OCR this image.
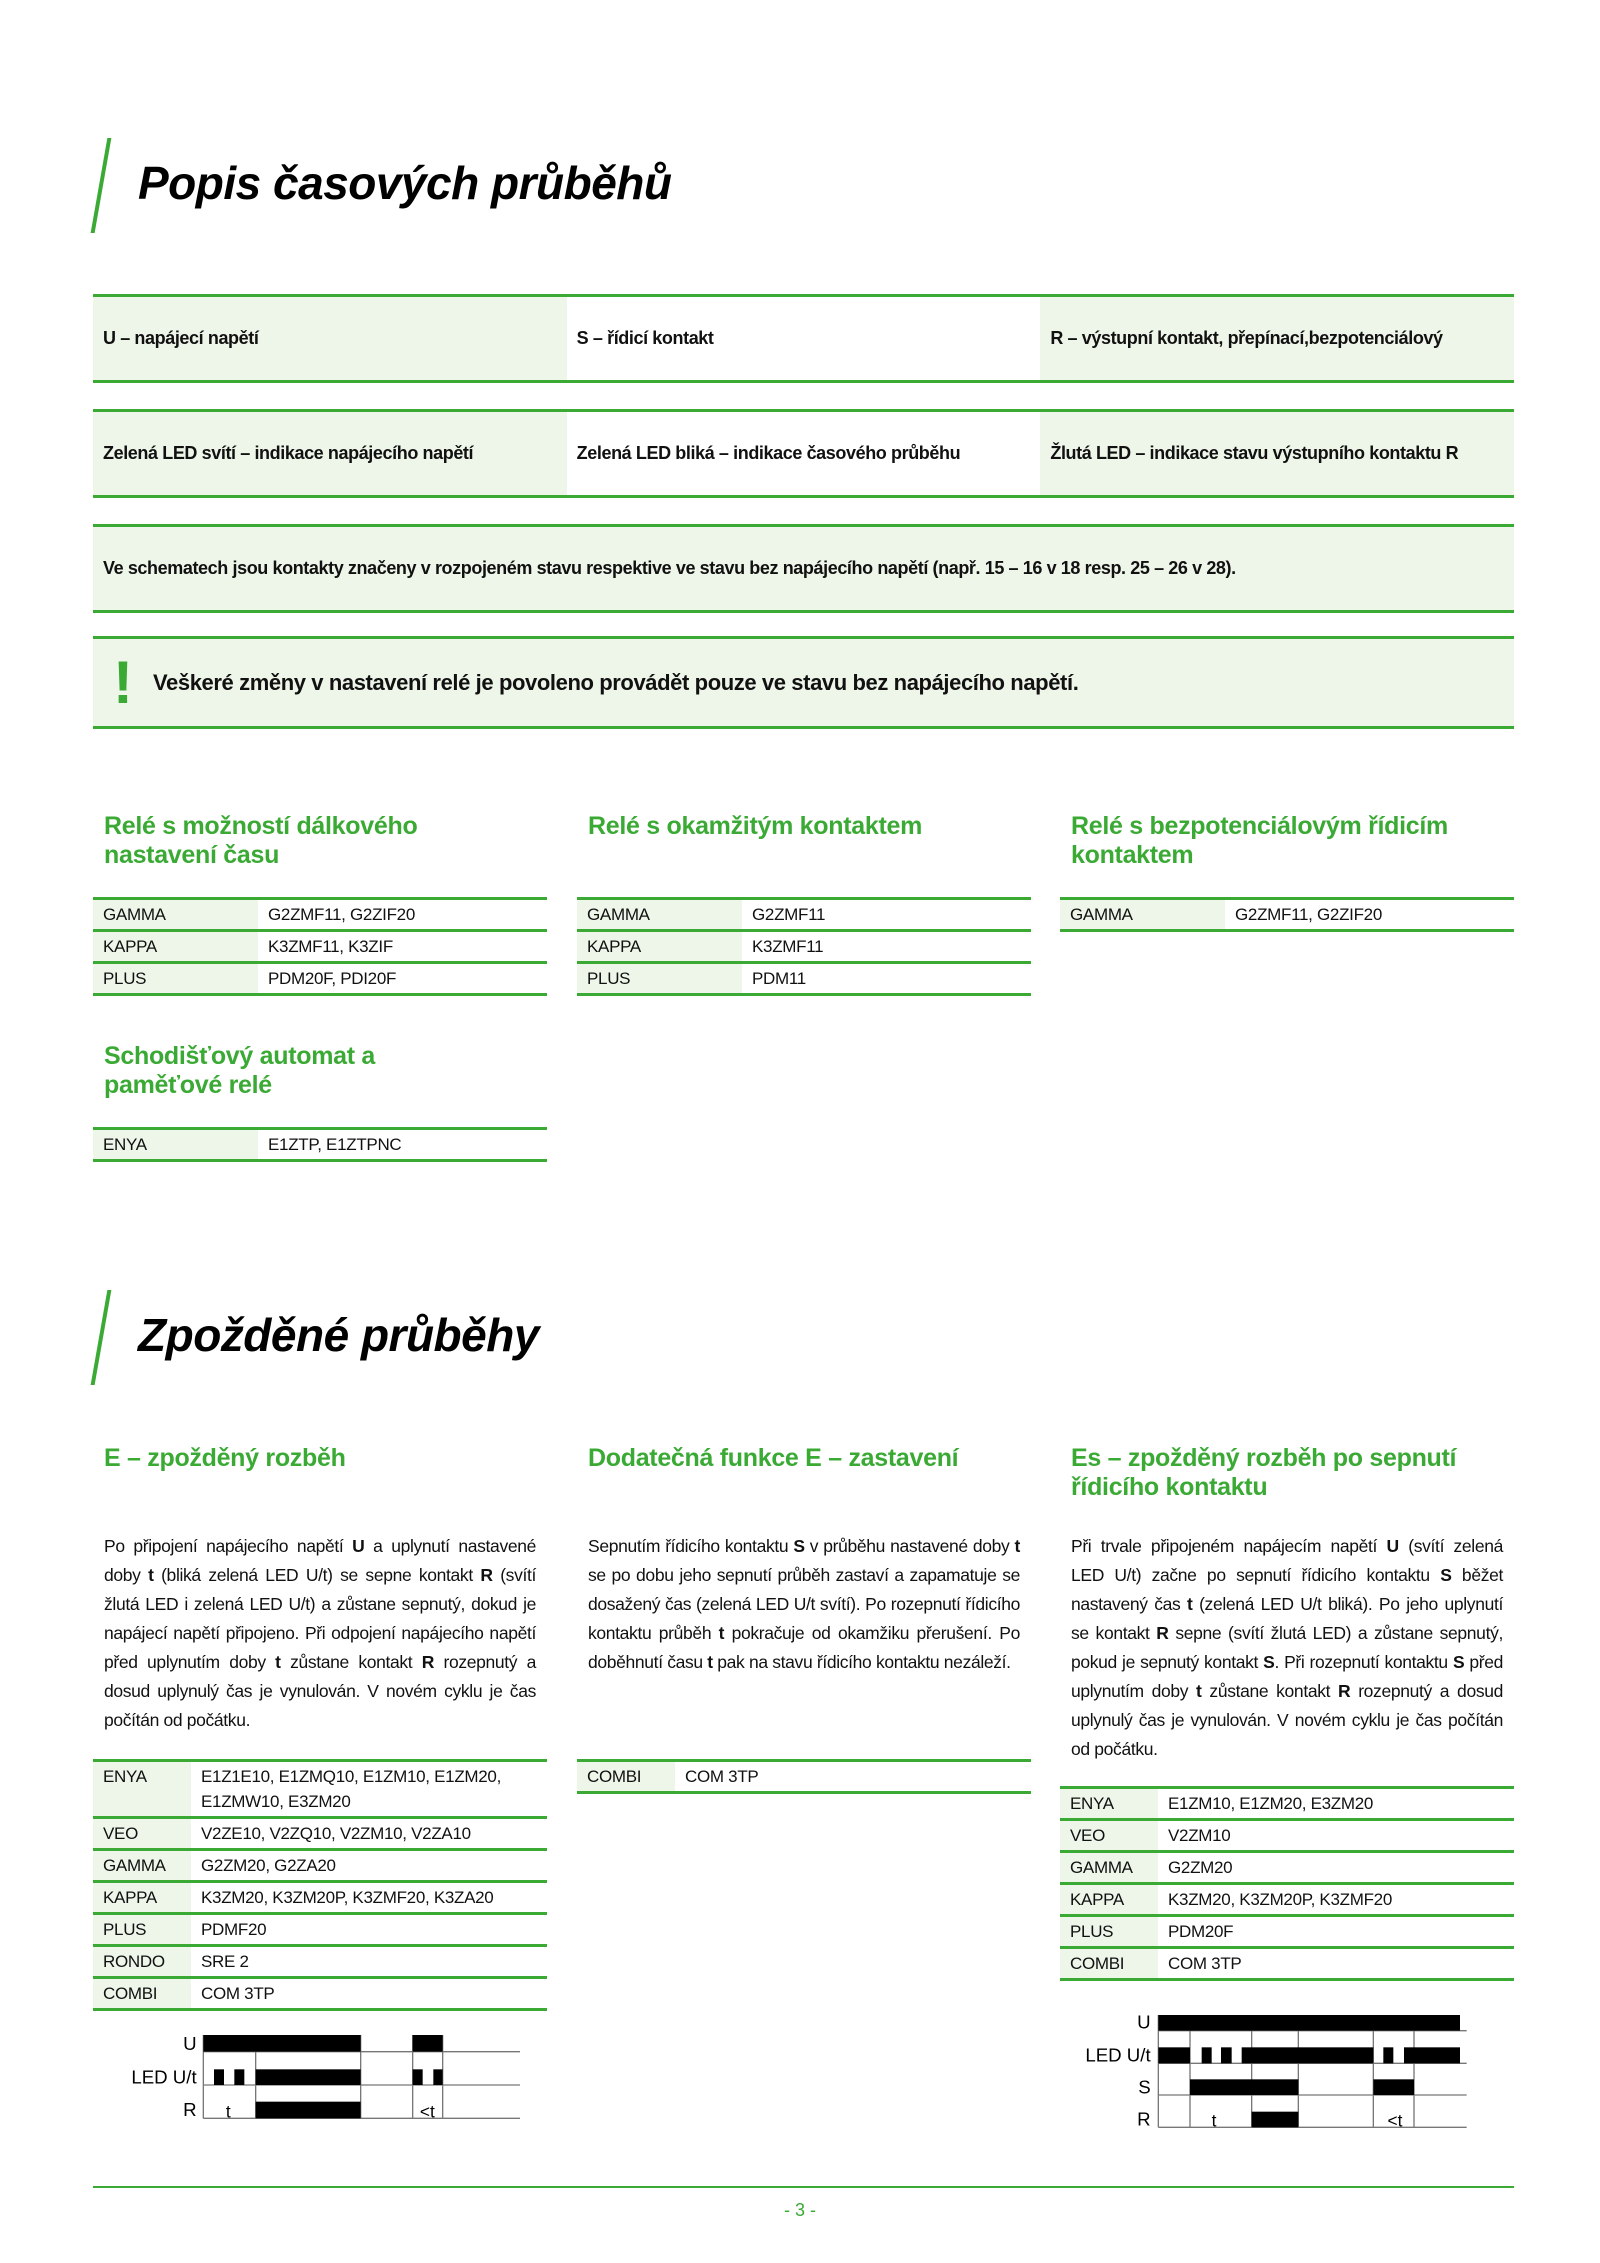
Popis časových průběhů
U – napájecí napětí	S – řídicí kontakt	R – výstupní kontakt, přepínací,bezpotenciálový
Zelená LED svítí – indikace napájecího napětí	Zelená LED bliká – indikace časového průběhu	Žlutá LED – indikace stavu výstupního kontaktu R
Ve schematech jsou kontakty značeny v rozpojeném stavu respektive ve stavu bez napájecího napětí (např. 15 – 16 v 18 resp. 25 – 26 v 28).
! Veškeré změny v nastavení relé je povoleno provádět pouze ve stavu bez napájecího napětí.
Relé s možností dálkového nastavení času
Relé s okamžitým kontaktem	Relé s bezpotenciálovým řídicím kontaktem
Schodišťový automat a paměťové relé
GAMMA	G2ZMF11, G2ZIF20
KAPPA	K3ZMF11, K3ZIF
PLUS	PDM20F, PDI20F
GAMMA	G2ZMF11
KAPPA	K3ZMF11
PLUS	PDM11
GAMMA	G2ZMF11, G2ZIF20
ENYA	E1ZTP, E1ZTPNC
Zpožděné průběhy
E – zpožděný rozběh	Dodatečná funkce E – zastavení	Es – zpožděný rozběh po sepnutí řídicího kontaktu
Po připojení napájecího napětí U a uplynutí nastavené doby t (bliká zelená LED U/t) se sepne kontakt R (svítí žlutá LED i zelená LED U/t) a zůstane sepnutý, dokud je napájecí napětí připojeno. Při odpojení napájecího napětí před uplynutím doby t zůstane kontakt R rozepnutý a dosud uplynulý čas je vynulován. V novém cyklu je čas počítán od počátku.
Sepnutím řídicího kontaktu S v průběhu nastavené doby t se po dobu jeho sepnutí průběh zastaví a zapamatuje se dosažený čas (zelená LED U/t svítí). Po rozepnutí řídicího kontaktu průběh t pokračuje od okamžiku přerušení. Po doběhnutí času t pak na stavu řídicího kontaktu nezáleží.
Při trvale připojeném napájecím napětí U (svítí zelená LED U/t) začne po sepnutí řídicího kontaktu S běžet nastavený čas t (zelená LED U/t bliká). Po jeho uplynutí se kontakt R sepne (svítí žlutá LED) a zůstane sepnutý, pokud je sepnutý kontakt S. Při rozepnutí kontaktu S před uplynutím doby t zůstane kontakt R rozepnutý a dosud uplynulý čas je vynulován. V novém cyklu je čas počítán od počátku.
ENYA	E1Z1E10, E1ZMQ10, E1ZM10, E1ZM20, E1ZMW10, E3ZM20
VEO	V2ZE10, V2ZQ10, V2ZM10, V2ZA10
GAMMA	G2ZM20, G2ZA20
KAPPA	K3ZM20, K3ZM20P, K3ZMF20, K3ZA20
PLUS	PDMF20
RONDO	SRE 2
COMBI	COM 3TP
COMBI	COM 3TP
ENYA	E1ZM10, E1ZM20, E3ZM20
VEO	V2ZM10
GAMMA	G2ZM20
KAPPA	K3ZM20, K3ZM20P, K3ZMF20
PLUS	PDM20F
COMBI	COM 3TP
U
LED U/t
R t	<t
U
LED U/t
S
R t	<t
- 3 -
